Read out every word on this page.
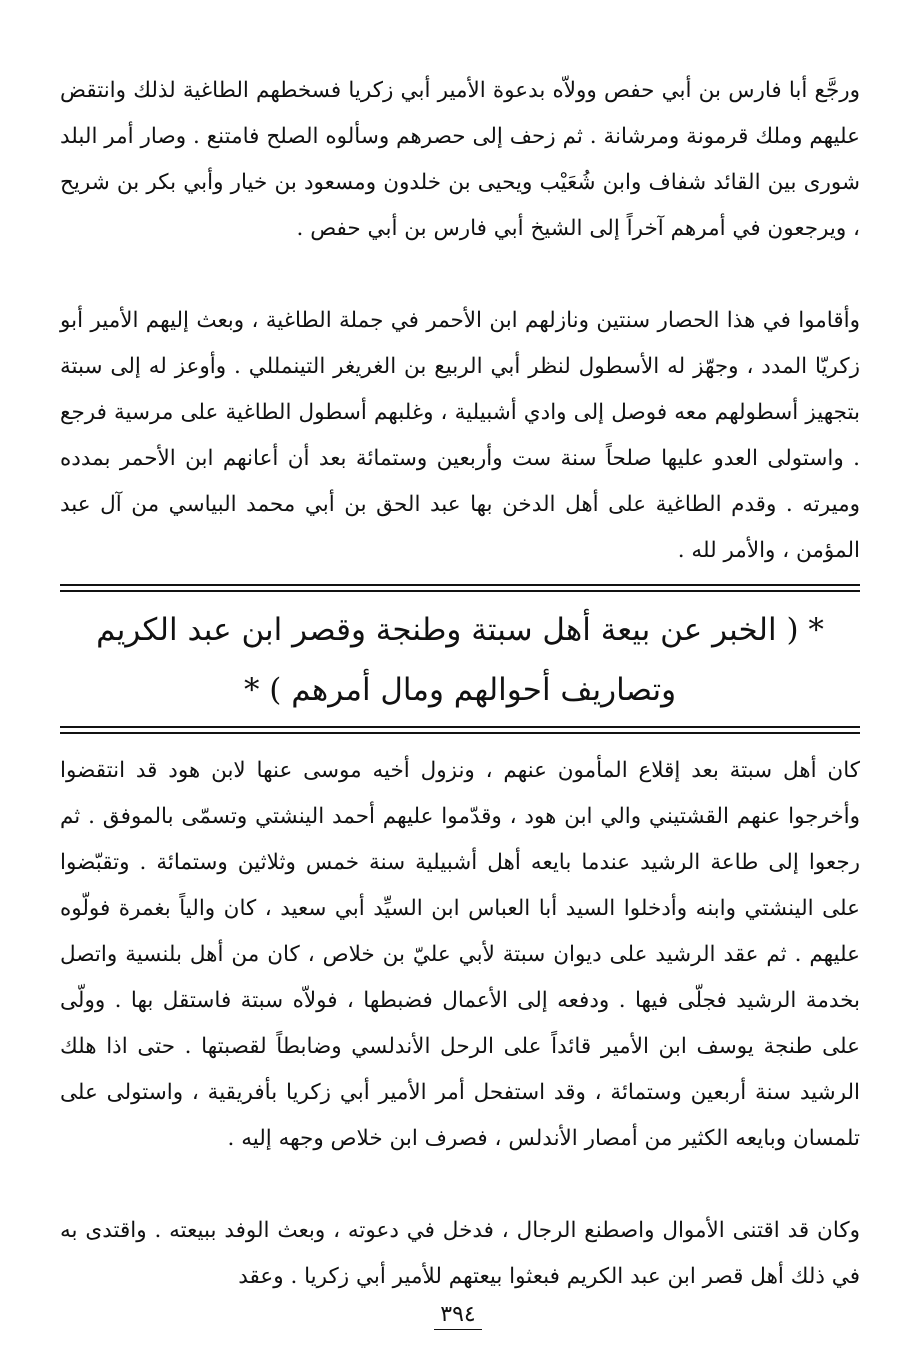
ورجَّع أبا فارس بن أبي حفص وولاّه بدعوة الأمير أبي زكريا فسخطهم الطاغية لذلك وانتقض عليهم وملك قرمونة ومرشانة . ثم زحف إلى حصرهم وسألوه الصلح فامتنع . وصار أمر البلد شورى بين القائد شفاف وابن شُعَيْب ويحيى بن خلدون ومسعود بن خيار وأبي بكر بن شريح ، ويرجعون في أمرهم آخراً إلى الشيخ أبي فارس بن أبي حفص .

وأقاموا في هذا الحصار سنتين ونازلهم ابن الأحمر في جملة الطاغية ، وبعث إليهم الأمير أبو زكريّا المدد ، وجهّز له الأسطول لنظر أبي الربيع بن الغريغر التينمللي . وأوعز له إلى سبتة بتجهيز أسطولهم معه فوصل إلى وادي أشبيلية ، وغلبهم أسطول الطاغية على مرسية فرجع . واستولى العدو عليها صلحاً سنة ست وأربعين وستمائة بعد أن أعانهم ابن الأحمر بمدده وميرته . وقدم الطاغية على أهل الدخن بها عبد الحق بن أبي محمد البياسي من آل عبد المؤمن ، والأمر لله .

* ( الخبر عن بيعة أهل سبتة وطنجة وقصر ابن عبد الكريم وتصاريف أحوالهم ومال أمرهم ) *

كان أهل سبتة بعد إقلاع المأمون عنهم ، ونزول أخيه موسى عنها لابن هود قد انتقضوا وأخرجوا عنهم القشتيني والي ابن هود ، وقدّموا عليهم أحمد الينشتي وتسمّى بالموفق . ثم رجعوا إلى طاعة الرشيد عندما بايعه أهل أشبيلية سنة خمس وثلاثين وستمائة . وتقبّضوا على الينشتي وابنه وأدخلوا السيد أبا العباس ابن السيِّد أبي سعيد ، كان والياً بغمرة فولّوه عليهم . ثم عقد الرشيد على ديوان سبتة لأبي عليّ بن خلاص ، كان من أهل بلنسية واتصل بخدمة الرشيد فجلّى فيها . ودفعه إلى الأعمال فضبطها ، فولاّه سبتة فاستقل بها . وولّى على طنجة يوسف ابن الأمير قائداً على الرحل الأندلسي وضابطاً لقصبتها . حتى اذا هلك الرشيد سنة أربعين وستمائة ، وقد استفحل أمر الأمير أبي زكريا بأفريقية ، واستولى على تلمسان وبايعه الكثير من أمصار الأندلس ، فصرف ابن خلاص وجهه إليه .

وكان قد اقتنى الأموال واصطنع الرجال ، فدخل في دعوته ، وبعث الوفد ببيعته . واقتدى به في ذلك أهل قصر ابن عبد الكريم فبعثوا بيعتهم للأمير أبي زكريا . وعقد

٣٩٤
